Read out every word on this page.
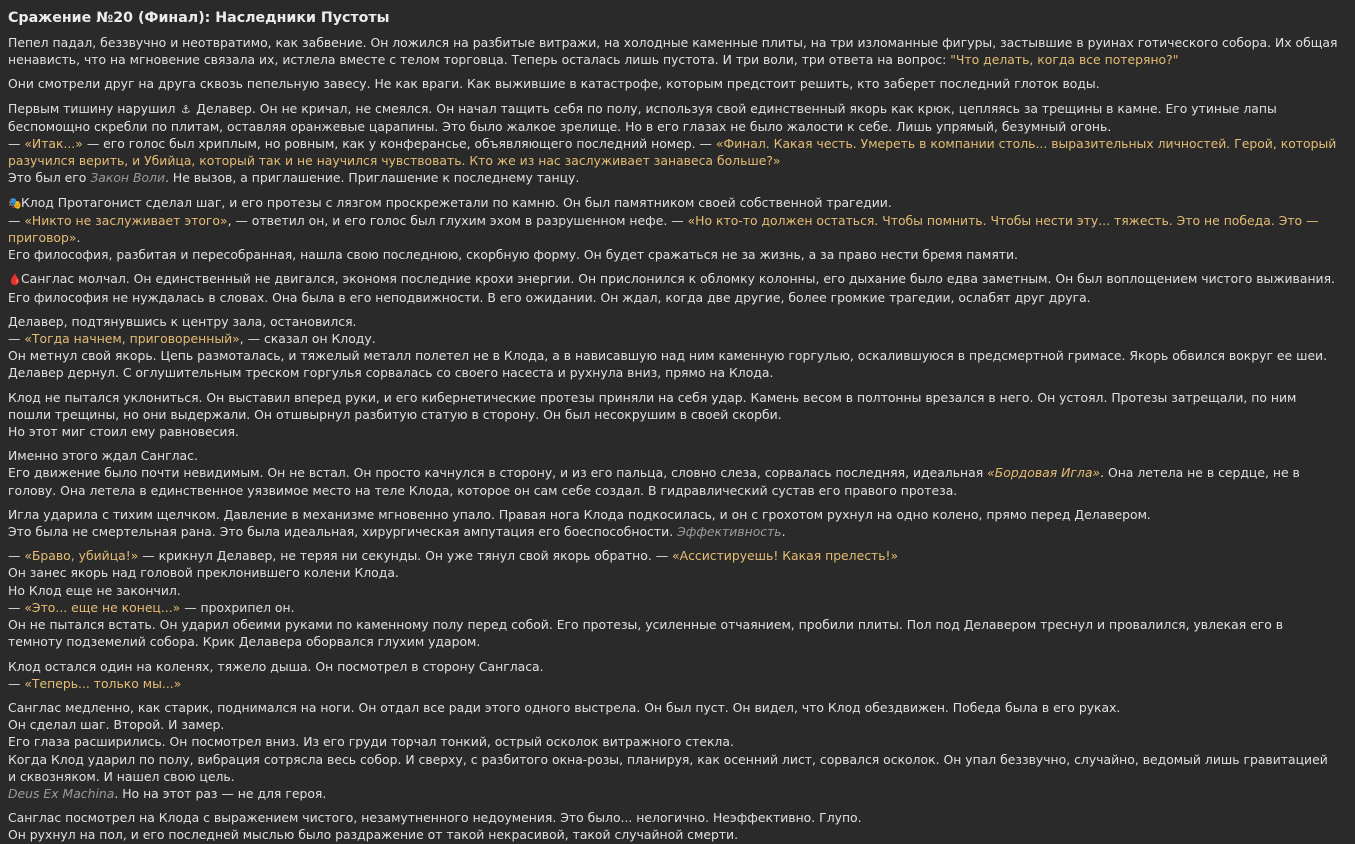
Сражение №20 (Финал): Наследники Пустоты
Пепел падал, беззвучно и неотвратимо, как забвение. Он ложился на разбитые витражи, на холодные каменные плиты, на три изломанные фигуры, застывшие в руинах готического собора. Их общая ненависть, что на мгновение связала их, истлела вместе с телом торговца. Теперь осталась лишь пустота. И три воли, три ответа на вопрос: "Что делать, когда все потеряно?"
Они смотрели друг на друга сквозь пепельную завесу. Не как враги. Как выжившие в катастрофе, которым предстоит решить, кто заберет последний глоток воды.
Первым тишину нарушил ⚓ Делавер. Он не кричал, не смеялся. Он начал тащить себя по полу, используя свой единственный якорь как крюк, цепляясь за трещины в камне. Его утиные лапы беспомощно скребли по плитам, оставляя оранжевые царапины. Это было жалкое зрелище. Но в его глазах не было жалости к себе. Лишь упрямый, безумный огонь.
— «Итак...» — его голос был хриплым, но ровным, как у конферансье, объявляющего последний номер. — «Финал. Какая честь. Умереть в компании столь... выразительных личностей. Герой, который разучился верить, и Убийца, который так и не научился чувствовать. Кто же из нас заслуживает занавеса больше?»
Это был его Закон Воли. Не вызов, а приглашение. Приглашение к последнему танцу.
🎭Клод Протагонист сделал шаг, и его протезы с лязгом проскрежетали по камню. Он был памятником своей собственной трагедии.
— «Никто не заслуживает этого», — ответил он, и его голос был глухим эхом в разрушенном нефе. — «Но кто-то должен остаться. Чтобы помнить. Чтобы нести эту... тяжесть. Это не победа. Это — приговор».
Его философия, разбитая и пересобранная, нашла свою последнюю, скорбную форму. Он будет сражаться не за жизнь, а за право нести бремя памяти.
🩸Санглас молчал. Он единственный не двигался, экономя последние крохи энергии. Он прислонился к обломку колонны, его дыхание было едва заметным. Он был воплощением чистого выживания. Его философия не нуждалась в словах. Она была в его неподвижности. В его ожидании. Он ждал, когда две другие, более громкие трагедии, ослабят друг друга.
Делавер, подтянувшись к центру зала, остановился.
— «Тогда начнем, приговоренный», — сказал он Клоду.
Он метнул свой якорь. Цепь размоталась, и тяжелый металл полетел не в Клода, а в нависавшую над ним каменную горгулью, оскалившуюся в предсмертной гримасе. Якорь обвился вокруг ее шеи. Делавер дернул. С оглушительным треском горгулья сорвалась со своего насеста и рухнула вниз, прямо на Клода.
Клод не пытался уклониться. Он выставил вперед руки, и его кибернетические протезы приняли на себя удар. Камень весом в полтонны врезался в него. Он устоял. Протезы затрещали, по ним пошли трещины, но они выдержали. Он отшвырнул разбитую статую в сторону. Он был несокрушим в своей скорби.
Но этот миг стоил ему равновесия.
Именно этого ждал Санглас.
Его движение было почти невидимым. Он не встал. Он просто качнулся в сторону, и из его пальца, словно слеза, сорвалась последняя, идеальная «Бордовая Игла». Она летела не в сердце, не в голову. Она летела в единственное уязвимое место на теле Клода, которое он сам себе создал. В гидравлический сустав его правого протеза.
Игла ударила с тихим щелчком. Давление в механизме мгновенно упало. Правая нога Клода подкосилась, и он с грохотом рухнул на одно колено, прямо перед Делавером.
Это была не смертельная рана. Это была идеальная, хирургическая ампутация его боеспособности. Эффективность.
— «Браво, убийца!» — крикнул Делавер, не теряя ни секунды. Он уже тянул свой якорь обратно. — «Ассистируешь! Какая прелесть!»
Он занес якорь над головой преклонившего колени Клода.
Но Клод еще не закончил.
— «Это... еще не конец...» — прохрипел он.
Он не пытался встать. Он ударил обеими руками по каменному полу перед собой. Его протезы, усиленные отчаянием, пробили плиты. Пол под Делавером треснул и провалился, увлекая его в темноту подземелий собора. Крик Делавера оборвался глухим ударом.
Клод остался один на коленях, тяжело дыша. Он посмотрел в сторону Сангласа.
— «Теперь... только мы...»
Санглас медленно, как старик, поднимался на ноги. Он отдал все ради этого одного выстрела. Он был пуст. Он видел, что Клод обездвижен. Победа была в его руках.
Он сделал шаг. Второй. И замер.
Его глаза расширились. Он посмотрел вниз. Из его груди торчал тонкий, острый осколок витражного стекла.
Когда Клод ударил по полу, вибрация сотрясла весь собор. И сверху, с разбитого окна-розы, планируя, как осенний лист, сорвался осколок. Он упал беззвучно, случайно, ведомый лишь гравитацией и сквозняком. И нашел свою цель.
Deus Ex Machina. Но на этот раз — не для героя.
Санглас посмотрел на Клода с выражением чистого, незамутненного недоумения. Это было... нелогично. Неэффективно. Глупо.
Он рухнул на пол, и его последней мыслью было раздражение от такой некрасивой, такой случайной смерти.
